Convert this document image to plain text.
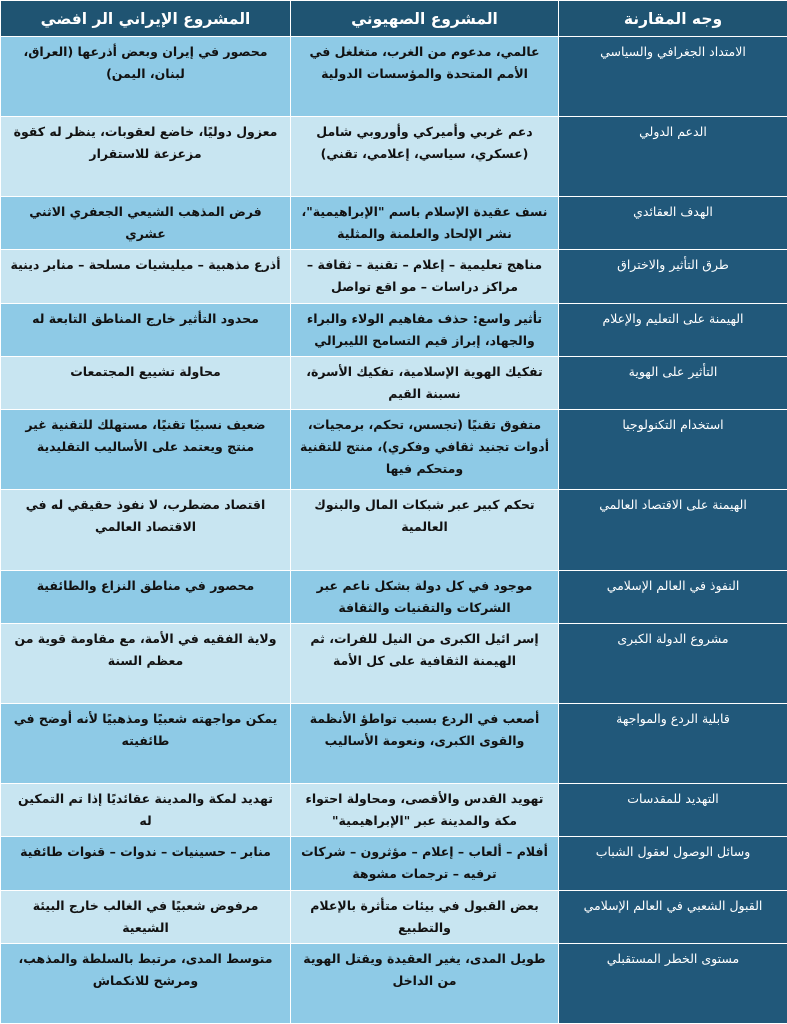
وجه المقارنة	المشروع الصهيوني	المشروع الإيراني الر افضي
الامتداد الجغرافي والسياسي	عالمي، مدعوم من الغرب، متغلغل في الأمم المتحدة والمؤسسات الدولية	محصور في إيران وبعض أذرعها (العراق، لبنان، اليمن)
الدعم الدولي	دعم غربي وأميركي وأوروبي شامل (عسكري، سياسي، إعلامي، تقني)	معزول دوليًا، خاضع لعقوبات، ينظر له كقوة مزعزعة للاستقرار
الهدف العقائدي	نسف عقيدة الإسلام باسم "الإبراهيمية"، نشر الإلحاد والعلمنة والمثلية	فرض المذهب الشيعي الجعفري الاثني عشري
طرق التأثير والاختراق	مناهج تعليمية – إعلام – تقنية – ثقافة – مراكز دراسات – مو اقع تواصل	أذرع مذهبية – ميليشيات مسلحة – منابر دينية
الهيمنة على التعليم والإعلام	تأثير واسع: حذف مفاهيم الولاء والبراء والجهاد، إبراز قيم التسامح الليبرالي	محدود التأثير خارج المناطق التابعة له
التأثير على الهوية	تفكيك الهوية الإسلامية، تفكيك الأسرة، نسبنة القيم	محاولة تشييع المجتمعات
استخدام التكنولوجيا	متفوق تقنيًا (تجسس، تحكم، برمجيات، أدوات تجنيد ثقافي وفكري)، منتج للتقنية ومتحكم فيها	ضعيف نسبيًا تقنيًا، مستهلك للتقنية غير منتج ويعتمد على الأساليب التقليدية
الهيمنة على الاقتصاد العالمي	تحكم كبير عبر شبكات المال والبنوك العالمية	اقتصاد مضطرب، لا نفوذ حقيقي له في الاقتصاد العالمي
النفوذ في العالم الإسلامي	موجود في كل دولة بشكل ناعم عبر الشركات والتقنيات والثقافة	محصور في مناطق النزاع والطائفية
مشروع الدولة الكبرى	إسر ائيل الكبرى من النيل للفرات، ثم الهيمنة الثقافية على كل الأمة	ولاية الفقيه في الأمة، مع مقاومة قوية من معظم السنة
قابلية الردع والمواجهة	أصعب في الردع بسبب تواطؤ الأنظمة والقوى الكبرى، ونعومة الأساليب	يمكن مواجهته شعبيًا ومذهبيًا لأنه أوضح في طائفيته
التهديد للمقدسات	تهويد القدس والأقصى، ومحاولة احتواء مكة والمدينة عبر "الإبراهيمية"	تهديد لمكة والمدينة عقائديًا إذا تم التمكين له
وسائل الوصول لعقول الشباب	أفلام – ألعاب – إعلام – مؤثرون – شركات ترفيه – ترجمات مشوهة	منابر – حسينيات – ندوات – قنوات طائفية
القبول الشعبي في العالم الإسلامي	بعض القبول في بيئات متأثرة بالإعلام والتطبيع	مرفوض شعبيًا في الغالب خارج البيئة الشيعية
مستوى الخطر المستقبلي	طويل المدى، يغير العقيدة ويقتل الهوية من الداخل	متوسط المدى، مرتبط بالسلطة والمذهب، ومرشح للانكماش
